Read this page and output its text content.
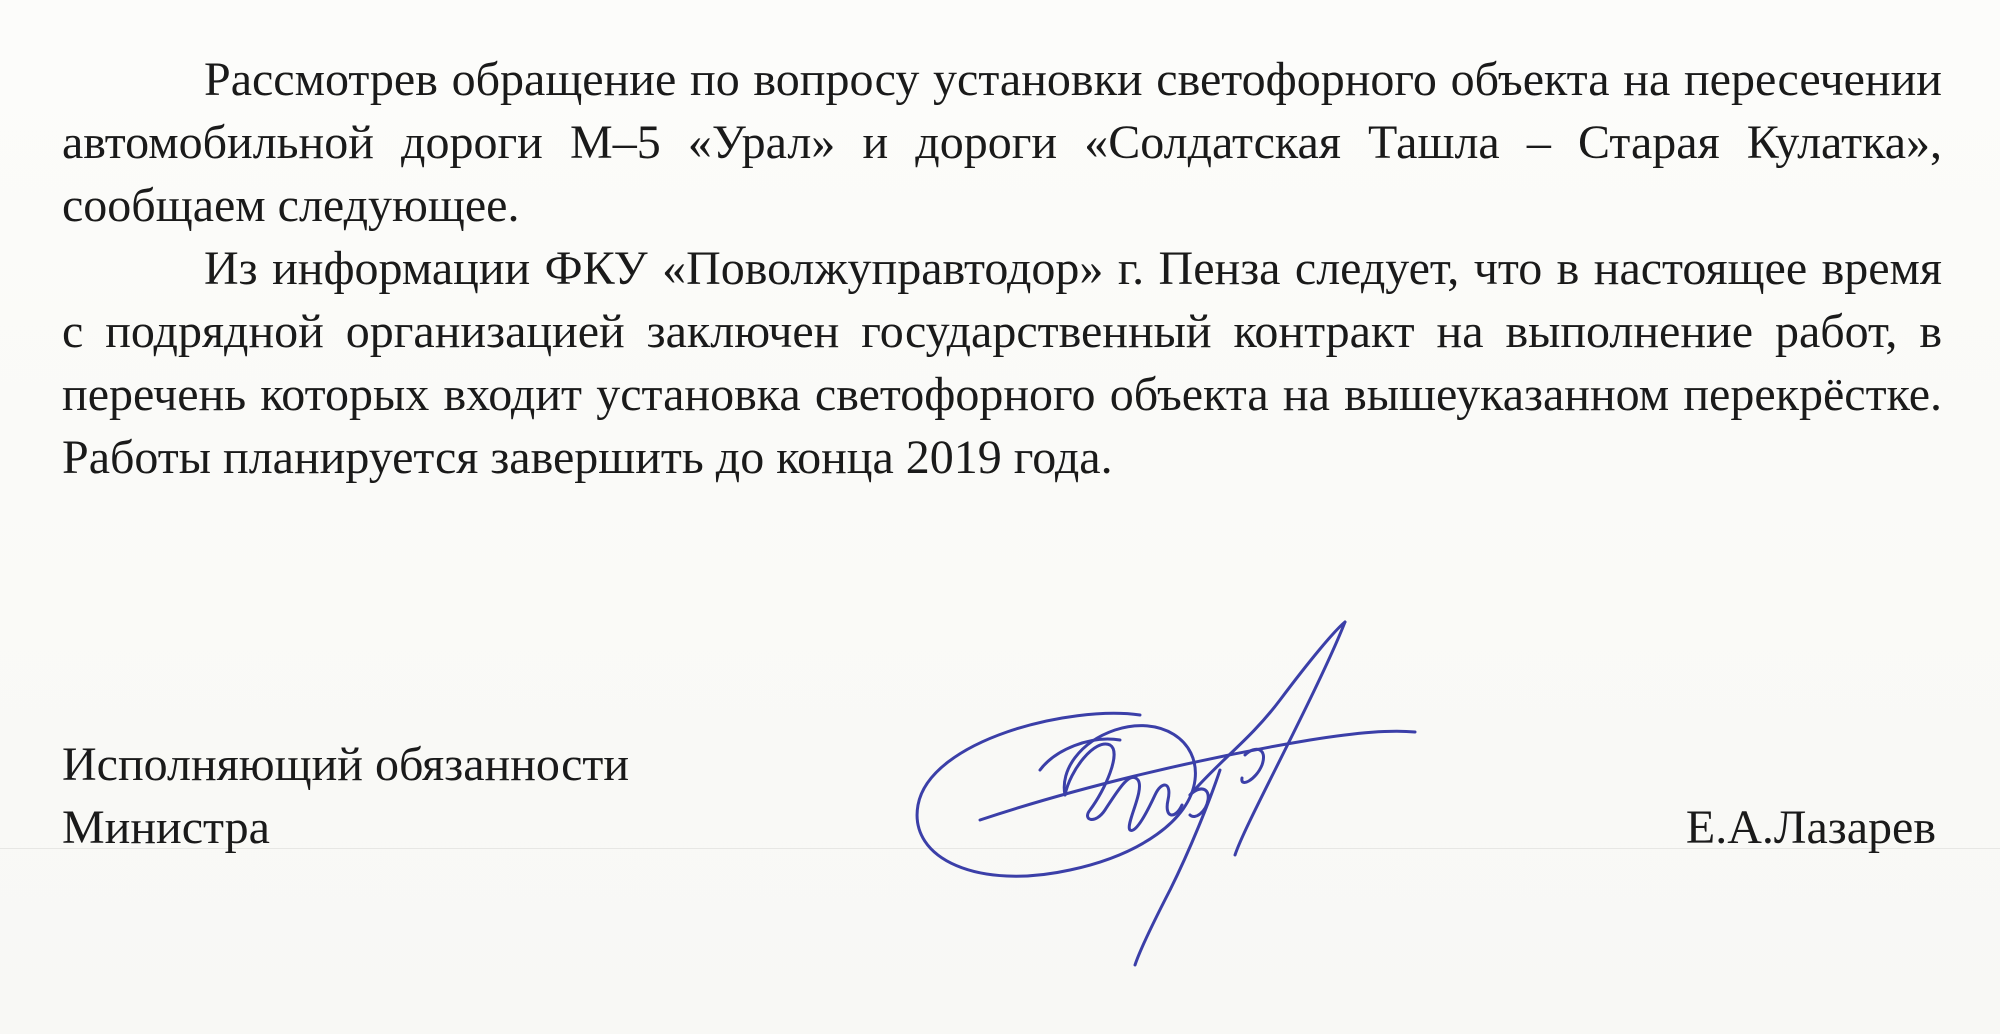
Рассмотрев обращение по вопросу установки светофорного объекта на пересечении автомобильной дороги М–5 «Урал» и дороги «Солдатская Ташла – Старая Кулатка», сообщаем следующее.

Из информации ФКУ «Поволжуправтодор» г. Пенза следует, что в настоящее время с подрядной организацией заключен государственный контракт на выполнение работ, в перечень которых входит установка светофорного объекта на вышеуказанном перекрёстке. Работы планируется завершить до конца 2019 года.

Исполняющий обязанности
Министра	Е.А.Лазарев
